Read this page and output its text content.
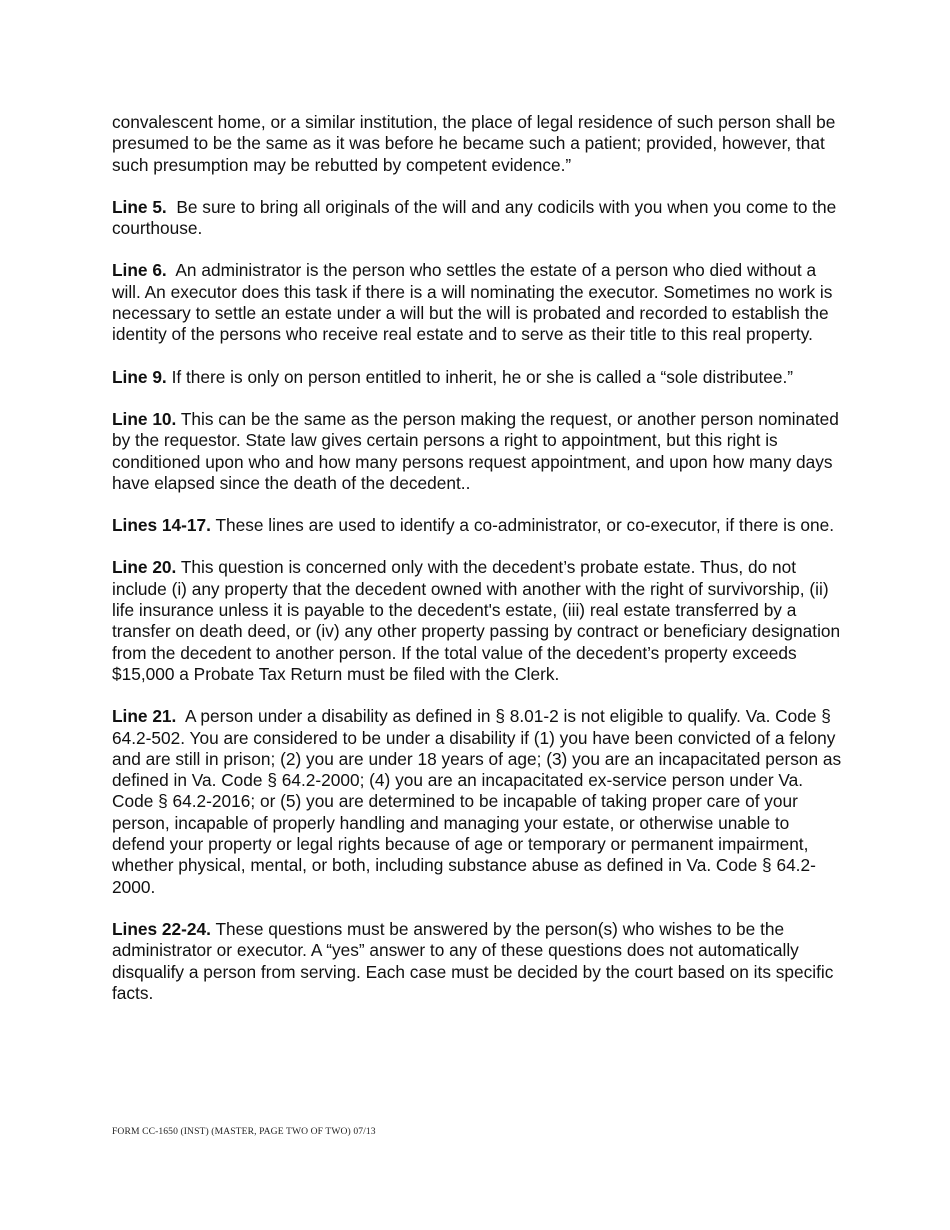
convalescent home, or a similar institution, the place of legal residence of such person shall be presumed to be the same as it was before he became such a patient; provided, however, that such presumption may be rebutted by competent evidence.”

Line 5. Be sure to bring all originals of the will and any codicils with you when you come to the courthouse.

Line 6. An administrator is the person who settles the estate of a person who died without a will. An executor does this task if there is a will nominating the executor. Sometimes no work is necessary to settle an estate under a will but the will is probated and recorded to establish the identity of the persons who receive real estate and to serve as their title to this real property.

Line 9. If there is only on person entitled to inherit, he or she is called a “sole distributee.”

Line 10. This can be the same as the person making the request, or another person nominated by the requestor. State law gives certain persons a right to appointment, but this right is conditioned upon who and how many persons request appointment, and upon how many days have elapsed since the death of the decedent..

Lines 14-17. These lines are used to identify a co-administrator, or co-executor, if there is one.

Line 20. This question is concerned only with the decedent’s probate estate. Thus, do not include (i) any property that the decedent owned with another with the right of survivorship, (ii) life insurance unless it is payable to the decedent's estate, (iii) real estate transferred by a transfer on death deed, or (iv) any other property passing by contract or beneficiary designation from the decedent to another person. If the total value of the decedent’s property exceeds $15,000 a Probate Tax Return must be filed with the Clerk.

Line 21. A person under a disability as defined in § 8.01-2 is not eligible to qualify. Va. Code § 64.2-502. You are considered to be under a disability if (1) you have been convicted of a felony and are still in prison; (2) you are under 18 years of age; (3) you are an incapacitated person as defined in Va. Code § 64.2-2000; (4) you are an incapacitated ex-service person under Va. Code § 64.2-2016; or (5) you are determined to be incapable of taking proper care of your person, incapable of properly handling and managing your estate, or otherwise unable to defend your property or legal rights because of age or temporary or permanent impairment, whether physical, mental, or both, including substance abuse as defined in Va. Code § 64.2-2000.

Lines 22-24. These questions must be answered by the person(s) who wishes to be the administrator or executor. A “yes” answer to any of these questions does not automatically disqualify a person from serving. Each case must be decided by the court based on its specific facts.

FORM CC-1650 (INST) (MASTER, PAGE TWO OF TWO) 07/13
